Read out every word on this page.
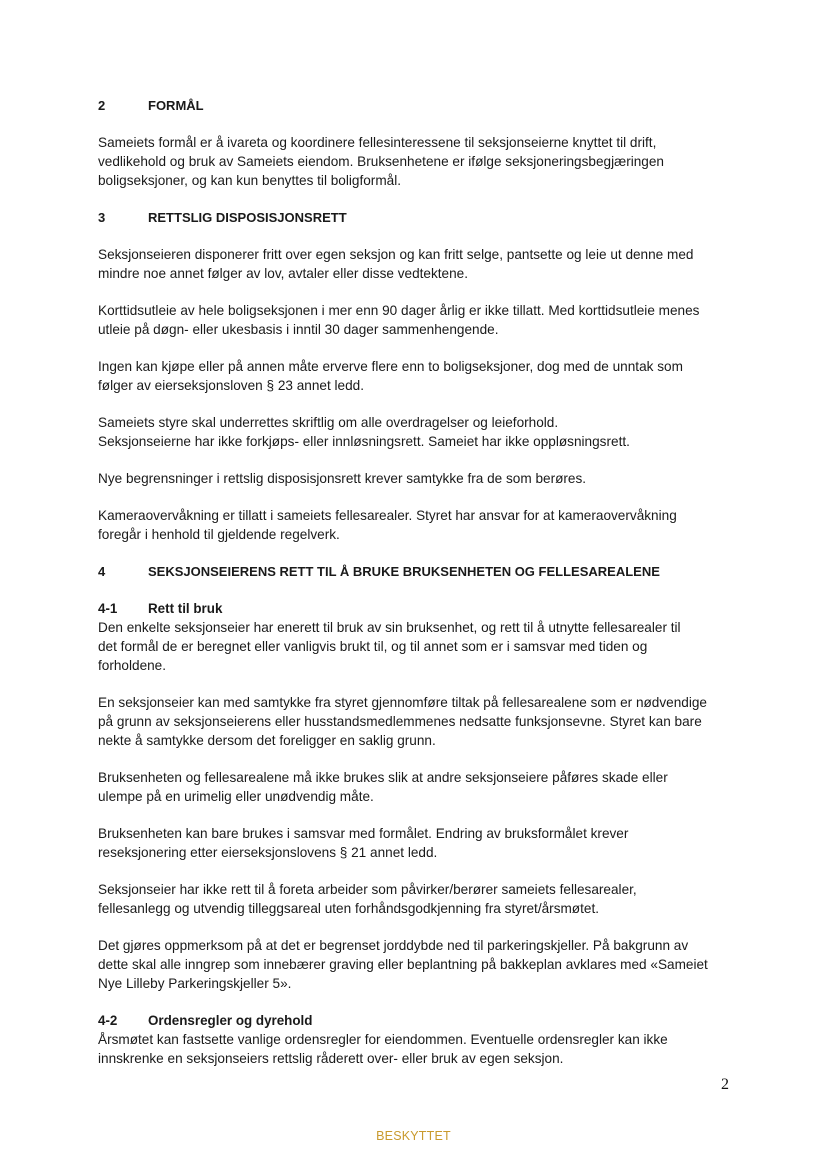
2	FORMÅL

Sameiets formål er å ivareta og koordinere fellesinteressene til seksjonseierne knyttet til drift,
vedlikehold og bruk av Sameiets eiendom. Bruksenhetene er ifølge seksjoneringsbegjæringen
boligseksjoner, og kan kun benyttes til boligformål.

3	RETTSLIG DISPOSISJONSRETT

Seksjonseieren disponerer fritt over egen seksjon og kan fritt selge, pantsette og leie ut denne med
mindre noe annet følger av lov, avtaler eller disse vedtektene.

Korttidsutleie av hele boligseksjonen i mer enn 90 dager årlig er ikke tillatt. Med korttidsutleie menes
utleie på døgn- eller ukesbasis i inntil 30 dager sammenhengende.

Ingen kan kjøpe eller på annen måte erverve flere enn to boligseksjoner, dog med de unntak som
følger av eierseksjonsloven § 23 annet ledd.

Sameiets styre skal underrettes skriftlig om alle overdragelser og leieforhold.
Seksjonseierne har ikke forkjøps- eller innløsningsrett. Sameiet har ikke oppløsningsrett.

Nye begrensninger i rettslig disposisjonsrett krever samtykke fra de som berøres.

Kameraovervåkning er tillatt i sameiets fellesarealer. Styret har ansvar for at kameraovervåkning
foregår i henhold til gjeldende regelverk.

4	SEKSJONSEIERENS RETT TIL Å BRUKE BRUKSENHETEN OG FELLESAREALENE
4-1	Rett til bruk

Den enkelte seksjonseier har enerett til bruk av sin bruksenhet, og rett til å utnytte fellesarealer til
det formål de er beregnet eller vanligvis brukt til, og til annet som er i samsvar med tiden og
forholdene.

En seksjonseier kan med samtykke fra styret gjennomføre tiltak på fellesarealene som er nødvendige
på grunn av seksjonseierens eller husstandsmedlemmenes nedsatte funksjonsevne. Styret kan bare
nekte å samtykke dersom det foreligger en saklig grunn.

Bruksenheten og fellesarealene må ikke brukes slik at andre seksjonseiere påføres skade eller
ulempe på en urimelig eller unødvendig måte.

Bruksenheten kan bare brukes i samsvar med formålet. Endring av bruksformålet krever
reseksjonering etter eierseksjonslovens § 21 annet ledd.

Seksjonseier har ikke rett til å foreta arbeider som påvirker/berører sameiets fellesarealer,
fellesanlegg og utvendig tilleggsareal uten forhåndsgodkjenning fra styret/årsmøtet.

Det gjøres oppmerksom på at det er begrenset jorddybde ned til parkeringskjeller. På bakgrunn av
dette skal alle inngrep som innebærer graving eller beplantning på bakkeplan avklares med «Sameiet
Nye Lilleby Parkeringskjeller 5».

4-2	Ordensregler og dyrehold

Årsmøtet kan fastsette vanlige ordensregler for eiendommen. Eventuelle ordensregler kan ikke
innskrenke en seksjonseiers rettslig råderett over- eller bruk av egen seksjon.

2
BESKYTTET
